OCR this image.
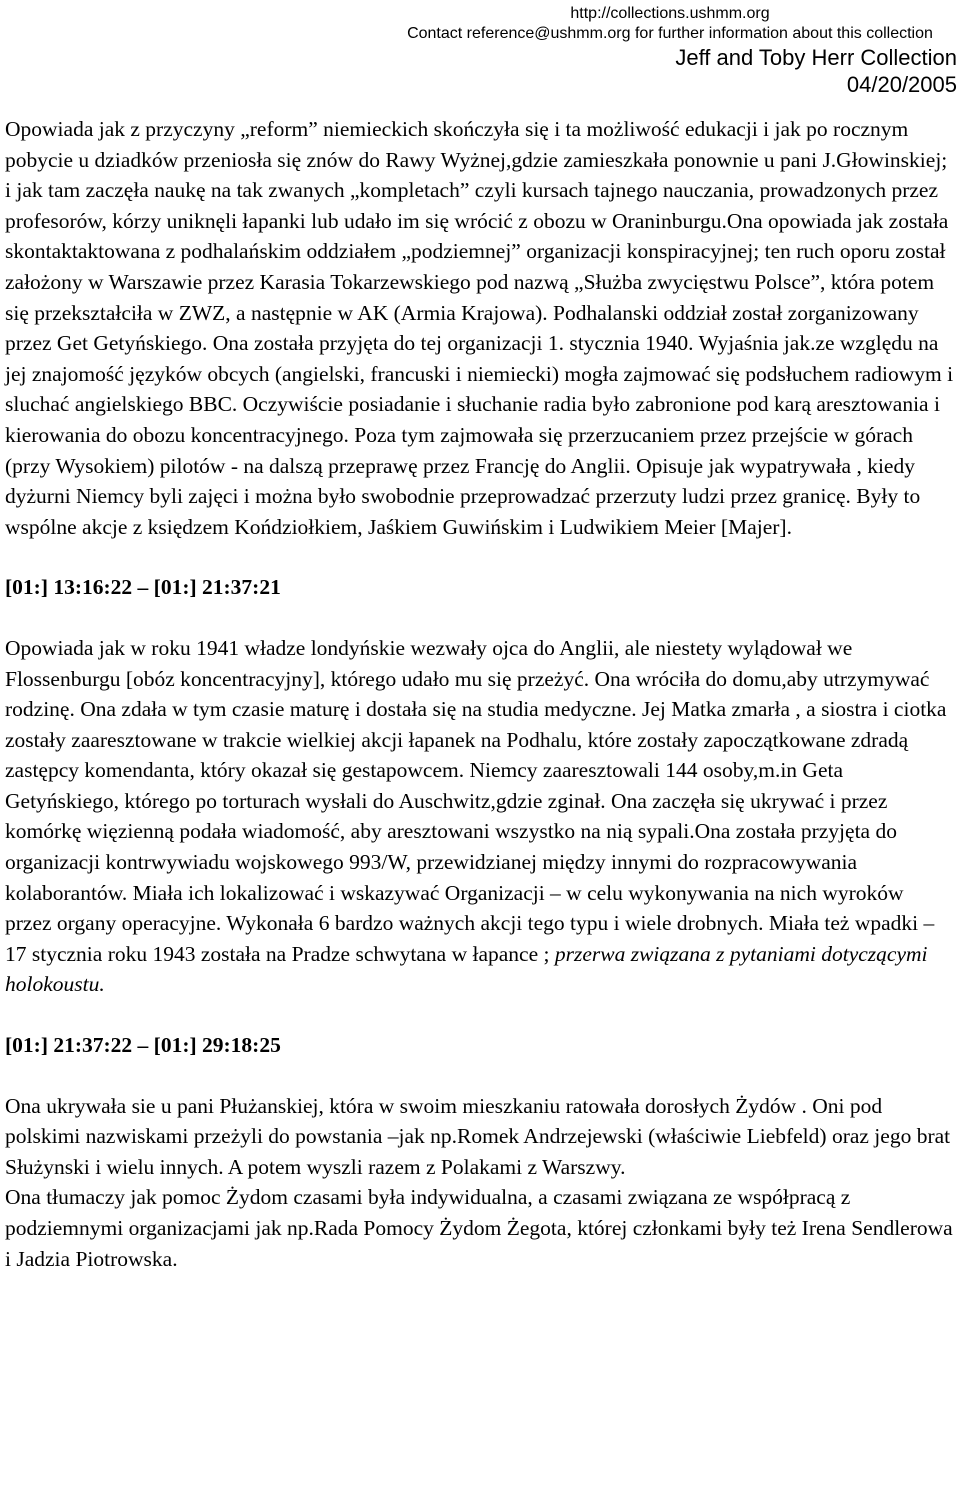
http://collections.ushmm.org
Contact reference@ushmm.org for further information about this collection
Jeff and Toby Herr Collection
04/20/2005

Opowiada jak z przyczyny „reform” niemieckich skończyła się i ta możliwość edukacji i jak po rocznym pobycie u dziadków przeniosła się znów do Rawy Wyżnej,gdzie zamieszkała ponownie u pani J.Głowinskiej; i jak tam zaczęła naukę na tak zwanych „kompletach” czyli kursach tajnego nauczania, prowadzonych przez profesorów, kórzy uniknęli łapanki lub udało im się wrócić z obozu w Oraninburgu.Ona opowiada jak została skontaktaktowana z podhalańskim oddziałem „podziemnej” organizacji konspiracyjnej; ten ruch oporu został założony w Warszawie przez Karasia Tokarzewskiego pod nazwą „Służba zwycięstwu Polsce”, która potem się przekształciła w ZWZ, a następnie w AK (Armia Krajowa). Podhalanski oddział został zorganizowany przez Get Getyńskiego. Ona została przyjęta do tej organizacji 1. stycznia 1940. Wyjaśnia jak.ze względu na jej znajomość języków obcych (angielski, francuski i niemiecki) mogła zajmować się podsłuchem radiowym i sluchać angielskiego BBC. Oczywiście posiadanie i słuchanie radia było zabronione pod karą aresztowania i kierowania do obozu koncentracyjnego. Poza tym zajmowała się przerzucaniem przez przejście w górach (przy Wysokiem) pilotów - na dalszą przeprawę przez Francję do Anglii. Opisuje jak wypatrywała , kiedy dyżurni Niemcy byli zajęci i można było swobodnie przeprowadzać przerzuty ludzi przez granicę. Były to wspólne akcje z księdzem Końdziołkiem, Jaśkiem Guwińskim i Ludwikiem Meier [Majer].

[01:] 13:16:22 – [01:] 21:37:21

Opowiada jak w roku 1941 władze londyńskie wezwały ojca do Anglii, ale niestety wylądował we Flossenburgu [obóz koncentracyjny], którego udało mu się przeżyć. Ona wróciła do domu,aby utrzymywać rodzinę. Ona zdała w tym czasie maturę i dostała się na studia medyczne. Jej Matka zmarła , a siostra i ciotka zostały zaaresztowane w trakcie wielkiej akcji łapanek na Podhalu, które zostały zapoczątkowane zdradą zastępcy komendanta, który okazał się gestapowcem. Niemcy zaaresztowali 144 osoby,m.in Geta Getyńskiego, którego po torturach wysłali do Auschwitz,gdzie zginał. Ona zaczęła się ukrywać i przez komórkę więzienną podała wiadomość, aby aresztowani wszystko na nią sypali.Ona została przyjęta do organizacji kontrwywiadu wojskowego 993/W, przewidzianej między innymi do rozpracowywania kolaborantów. Miała ich lokalizować i wskazywać Organizacji – w celu wykonywania na nich wyroków przez organy operacyjne. Wykonała 6 bardzo ważnych akcji tego typu i wiele drobnych. Miała też wpadki – 17 stycznia roku 1943 została na Pradze schwytana w łapance ; przerwa związana z pytaniami dotyczącymi holokoustu.

[01:] 21:37:22 – [01:] 29:18:25

Ona ukrywała sie u pani Płużanskiej, która w swoim mieszkaniu ratowała dorosłych Żydów . Oni pod polskimi nazwiskami przeżyli do powstania –jak np.Romek Andrzejewski (właściwie Liebfeld) oraz jego brat Służynski i wielu innych. A potem wyszli razem z Polakami z Warszwy.

Ona tłumaczy jak pomoc Żydom czasami była indywidualna, a czasami związana ze współpracą z podziemnymi organizacjami jak np.Rada Pomocy Żydom Żegota, której członkami były też Irena Sendlerowa i Jadzia Piotrowska.
